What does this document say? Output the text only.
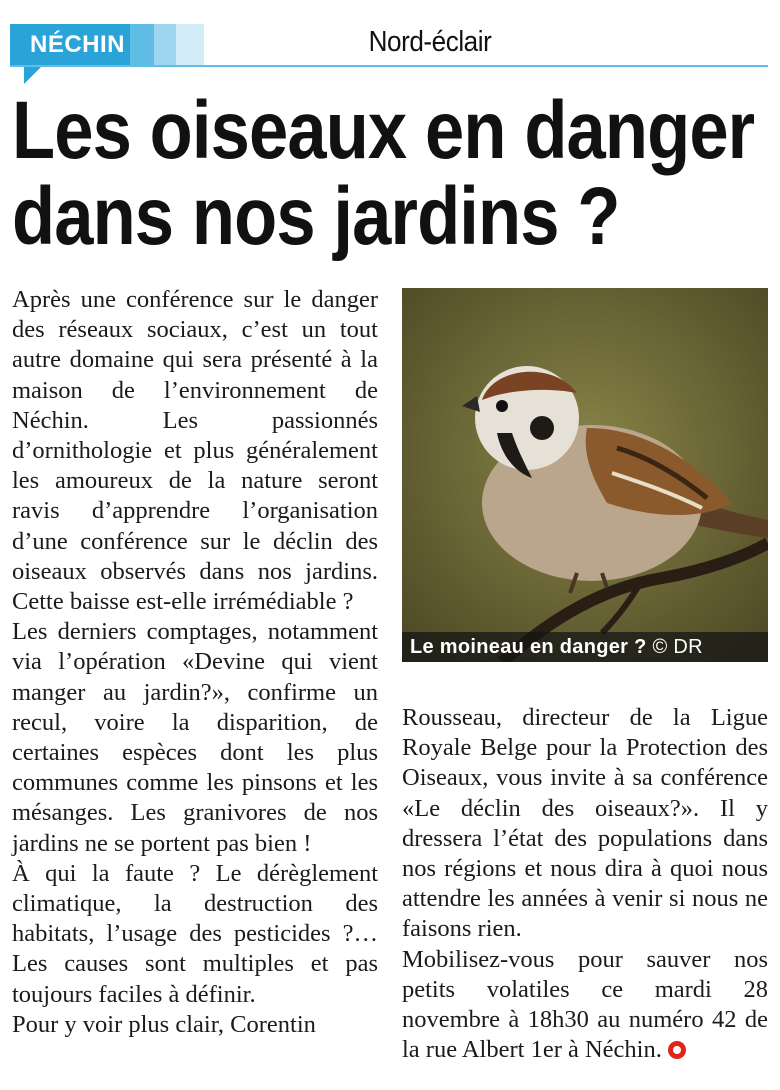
NÉCHIN	Nord-éclair
Les oiseaux en danger
dans nos jardins ?

Après une conférence sur le danger des réseaux sociaux, c’est un tout autre domaine qui sera présenté à la maison de l’environnement de Néchin. Les passionnés d’ornithologie et plus généralement les amoureux de la nature seront ravis d’apprendre l’organisation d’une conférence sur le déclin des oiseaux observés dans nos jardins. Cette baisse est-elle irrémédiable ?

Les derniers comptages, notamment via l’opération «Devine qui vient manger au jardin?», confirme un recul, voire la disparition, de certaines espèces dont les plus communes comme les pinsons et les mésanges. Les granivores de nos jardins ne se portent pas bien !

À qui la faute ? Le dérèglement climatique, la destruction des habitats, l’usage des pesticides ?… Les causes sont multiples et pas toujours faciles à définir.

Pour y voir plus clair, Corentin

Le moineau en danger ? © DR

Rousseau, directeur de la Ligue Royale Belge pour la Protection des Oiseaux, vous invite à sa conférence «Le déclin des oiseaux?». Il y dressera l’état des populations dans nos régions et nous dira à quoi nous attendre les années à venir si nous ne faisons rien.

Mobilisez-vous pour sauver nos petits volatiles ce mardi 28 novembre à 18h30 au numéro 42 de la rue Albert 1er à Néchin.
